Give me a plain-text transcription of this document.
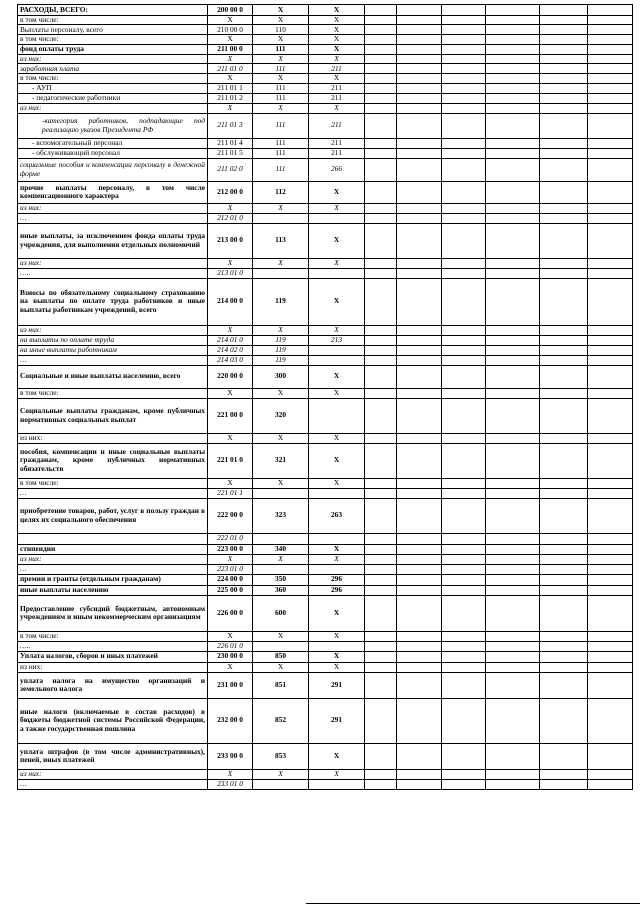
РАСХОДЫ, ВСЕГО:	200 00 0	X	X						
в том числе:	X	X	X						
Выплаты персоналу, всего	210 00 0	110	X						
в том числе:	X	X	X						
фонд оплаты труда	211 00 0	111	X						
из них:	X	X	X						
заработная плата	211 01 0	111	211						
в том числе:	X	X	X						
- АУП	211 01 1	111	211						
- педагогические работники	211 01 2	111	211						
из них:	X	X	X						
-категория работников, подпадающие под реализацию указов Президента РФ	211 01 3	111	211						
- вспомогательный персонал	211 01 4	111	211						
- обслуживающий персонал	211 01 5	111	211						
социальные пособия и компенсации персоналу в денежной форме	211 02 0	111	266						
прочие выплаты персоналу, в том числе компенсационного характера	212 00 0	112	X						
из них:	X	X	X						
…	212 01 0								
иные выплаты, за исключением фонда оплаты труда учреждения, для выполнения отдельных полномочий	213 00 0	113	X						
из них:	X	X	X						
…..	213 01 0								
Взносы по обязательному социальному страхованию на выплаты по оплате труда работников и иные выплаты работникам учреждений, всего	214 00 0	119	X						
из них:	X	X	X						
на выплаты по оплате труда	214 01 0	119	213						
на иные выплаты работникам	214 02 0	119							
…	214 03 0	119							
Социальные и иные выплаты населению, всего	220 00 0	300	X						
в том числе:	X	X	X						
Социальные выплаты гражданам, кроме публичных нормативных социальных выплат	221 00 0	320							
из них:	X	X	X						
пособия, компенсации и иные социальные выплаты гражданам, кроме публичных нормативных обязательств	221 01 0	321	X						
в том числе:	X	X	X						
…	221 01 1								
приобретение товаров, работ, услуг в пользу граждан в целях их социального обеспечения	222 00 0	323	263						
	222 01 0								
стипендии	223 00 0	340	X						
из них:	X	X	X						
…	223 01 0								
премии и гранты (отдельным гражданам)	224 00 0	350	296						
иные выплаты населению	225 00 0	360	296						
Предоставление субсидий бюджетным, автономным учреждениям и иным некоммерческим организациям	226 00 0	600	X						
в том числе:	X	X	X						
…..	226 01 0								
Уплата налогов, сборов и иных платежей	230 00 0	850	X						
из них:	X	X	X						
уплата налога на имущество организаций и земельного налога	231 00 0	851	291						
иные налоги (включаемые в состав расходов) в бюджеты бюджетной системы Российской Федерации, а также государственная пошлина	232 00 0	852	291						
уплата штрафов (в том числе административных), пеней, иных платежей	233 00 0	853	X						
из них:	X	X	X						
…	233 01 0								
